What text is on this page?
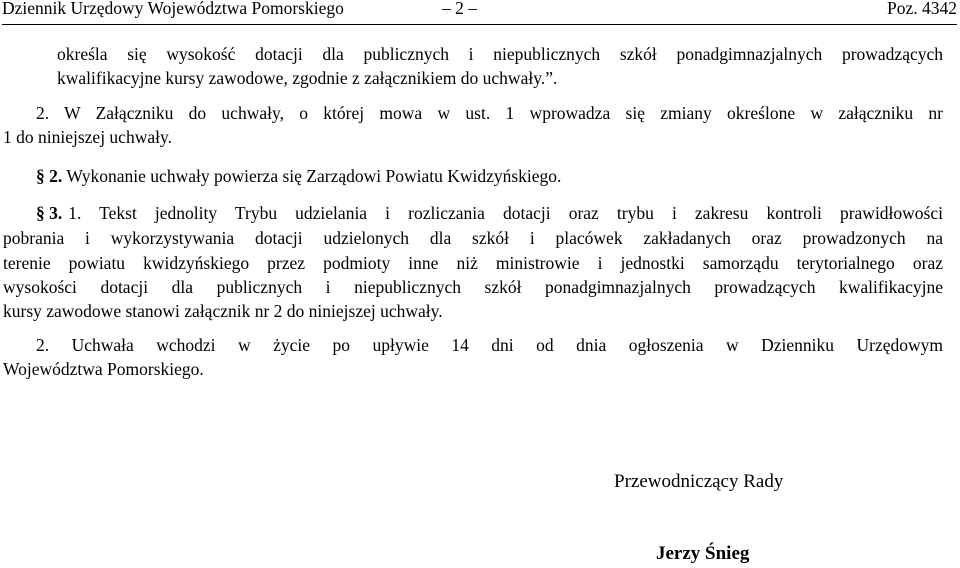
Dziennik Urzędowy Województwa Pomorskiego	– 2 –	Poz. 4342
określa się wysokość dotacji dla publicznych i niepublicznych szkół ponadgimnazjalnych prowadzących
kwalifikacyjne kursy zawodowe, zgodnie z załącznikiem do uchwały.”.
2. W Załączniku do uchwały, o której mowa w ust. 1 wprowadza się zmiany określone w załączniku nr
1 do niniejszej uchwały.
§ 2. Wykonanie uchwały powierza się Zarządowi Powiatu Kwidzyńskiego.
§ 3. 1. Tekst jednolity Trybu udzielania i rozliczania dotacji oraz trybu i zakresu kontroli prawidłowości
pobrania i wykorzystywania dotacji udzielonych dla szkół i placówek zakładanych oraz prowadzonych na
terenie powiatu kwidzyńskiego przez podmioty inne niż ministrowie i jednostki samorządu terytorialnego oraz
wysokości dotacji dla publicznych i niepublicznych szkół ponadgimnazjalnych prowadzących kwalifikacyjne
kursy zawodowe stanowi załącznik nr 2 do niniejszej uchwały.
2. Uchwała wchodzi w życie po upływie 14 dni od dnia ogłoszenia w Dzienniku Urzędowym
Województwa Pomorskiego.
Przewodniczący Rady
Jerzy Śnieg
